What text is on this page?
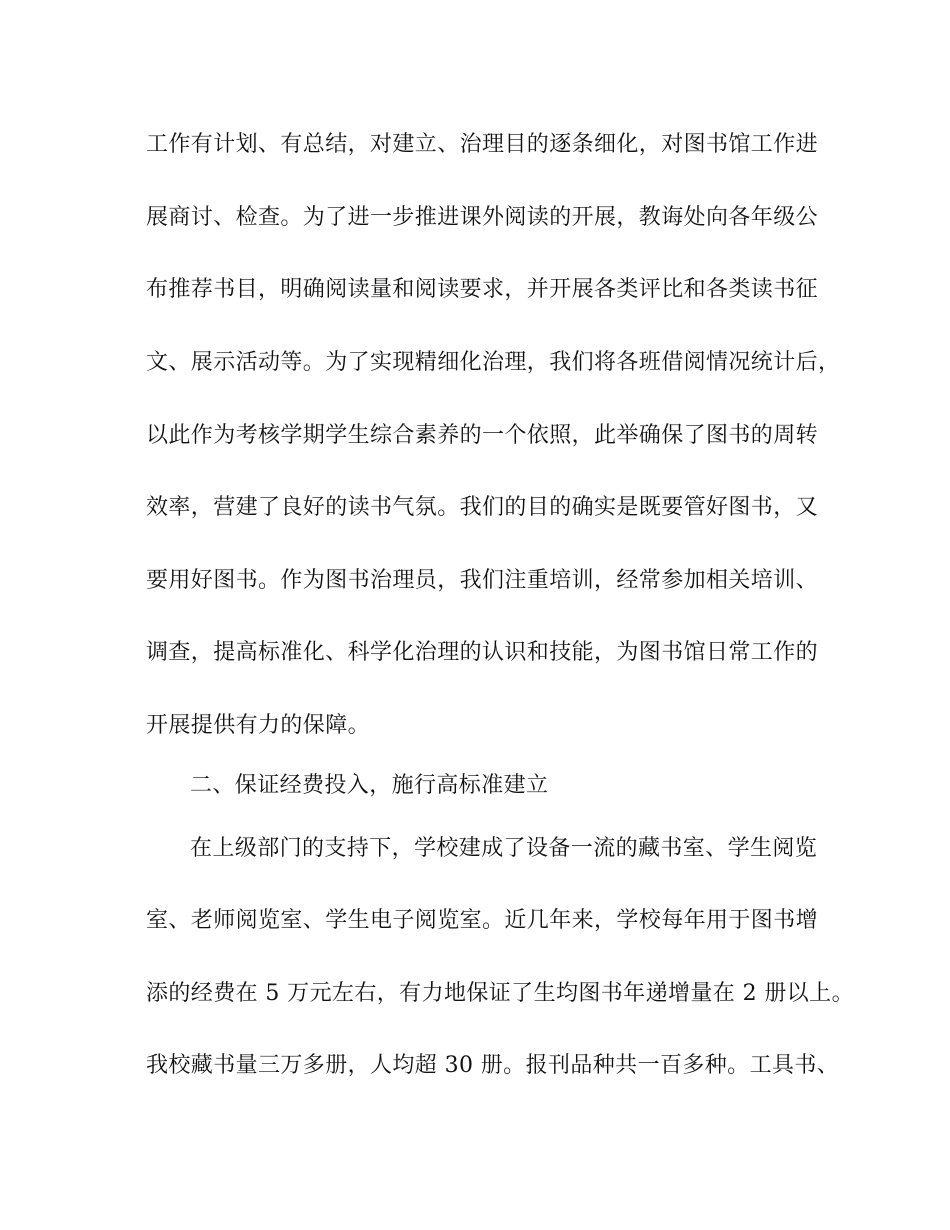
工作有计划、有总结，对建立、治理目的逐条细化，对图书馆工作进
展商讨、检查。为了进一步推进课外阅读的开展，教诲处向各年级公
布推荐书目，明确阅读量和阅读要求，并开展各类评比和各类读书征
文、展示活动等。为了实现精细化治理，我们将各班借阅情况统计后，
以此作为考核学期学生综合素养的一个依照，此举确保了图书的周转
效率，营建了良好的读书气氛。我们的目的确实是既要管好图书，又
要用好图书。作为图书治理员，我们注重培训，经常参加相关培训、
调查，提高标准化、科学化治理的认识和技能，为图书馆日常工作的
开展提供有力的保障。
二、保证经费投入，施行高标准建立
在上级部门的支持下，学校建成了设备一流的藏书室、学生阅览
室、老师阅览室、学生电子阅览室。近几年来，学校每年用于图书增
添的经费在 5 万元左右，有力地保证了生均图书年递增量在 2 册以上。
我校藏书量三万多册，人均超 30 册。报刊品种共一百多种。工具书、
